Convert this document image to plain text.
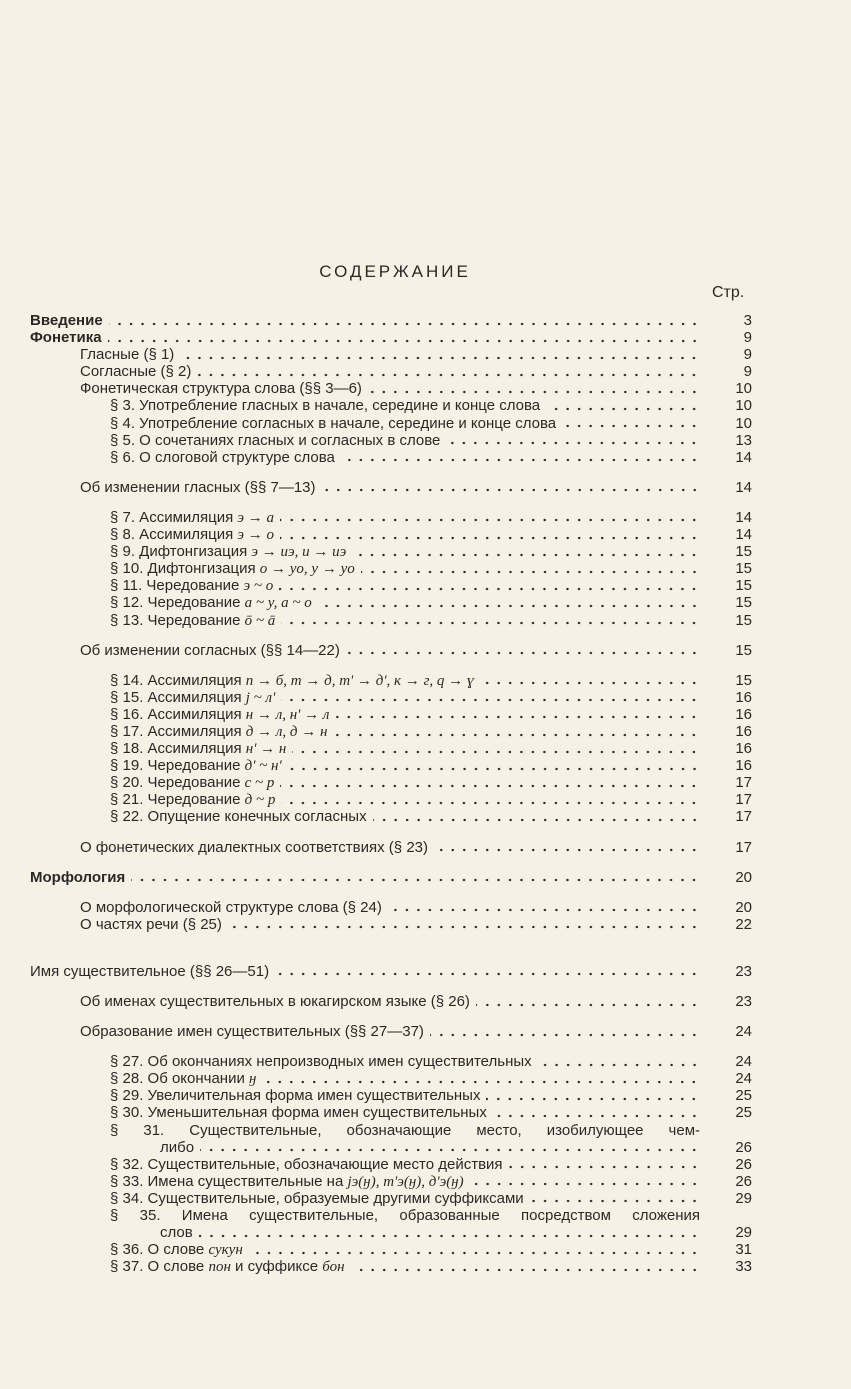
СОДЕРЖАНИЕ
Стр.
Введение	3
Фонетика	9
Гласные (§ 1)	9
Согласные (§ 2)	9
Фонетическая структура слова (§§ 3—6)	10
§ 3. Употребление гласных в начале, середине и конце слова	10
§ 4. Употребление согласных в начале, середине и конце слова	10
§ 5. О сочетаниях гласных и согласных в слове	13
§ 6. О слоговой структуре слова	14
Об изменении гласных (§§ 7—13)	14
§ 7. Ассимиляция э → а	14
§ 8. Ассимиляция э → о	14
§ 9. Дифтонгизация э → иэ, и → иэ	15
§ 10. Дифтонгизация о → уо, у → уо	15
§ 11. Чередование э ~ о	15
§ 12. Чередование а ~ у, а ~ о	15
§ 13. Чередование ō ~ ā	15
Об изменении согласных (§§ 14—22)	15
§ 14. Ассимиляция п → б, т → д, т' → д', к → г, q → ɣ	15
§ 15. Ассимиляция j ~ л'	16
§ 16. Ассимиляция н → л, н' → л	16
§ 17. Ассимиляция д → л, д → н	16
§ 18. Ассимиляция н' → н	16
§ 19. Чередование д' ~ н'	16
§ 20. Чередование с ~ р	17
§ 21. Чередование д ~ р	17
§ 22. Опущение конечных согласных	17
О фонетических диалектных соответствиях (§ 23)	17
Морфология	20
О морфологической структуре слова (§ 24)	20
О частях речи (§ 25)	22
Имя существительное (§§ 26—51)	23
Об именах существительных в юкагирском языке (§ 26)	23
Образование имен существительных (§§ 27—37)	24
§ 27. Об окончаниях непроизводных имен существительных	24
§ 28. Об окончании ӈ	24
§ 29. Увеличительная форма имен существительных	25
§ 30. Уменьшительная форма имен существительных	25
§ 31. Существительные, обозначающие место, изобилующее чем-
либо	26
§ 32. Существительные, обозначающие место действия	26
§ 33. Имена существительные на jэ(ӈ), т'э(ӈ), д'э(ӈ)	26
§ 34. Существительные, образуемые другими суффиксами	29
§ 35. Имена существительные, образованные посредством сложения
слов	29
§ 36. О слове сукун	31
§ 37. О слове пон и суффиксе бон	33
